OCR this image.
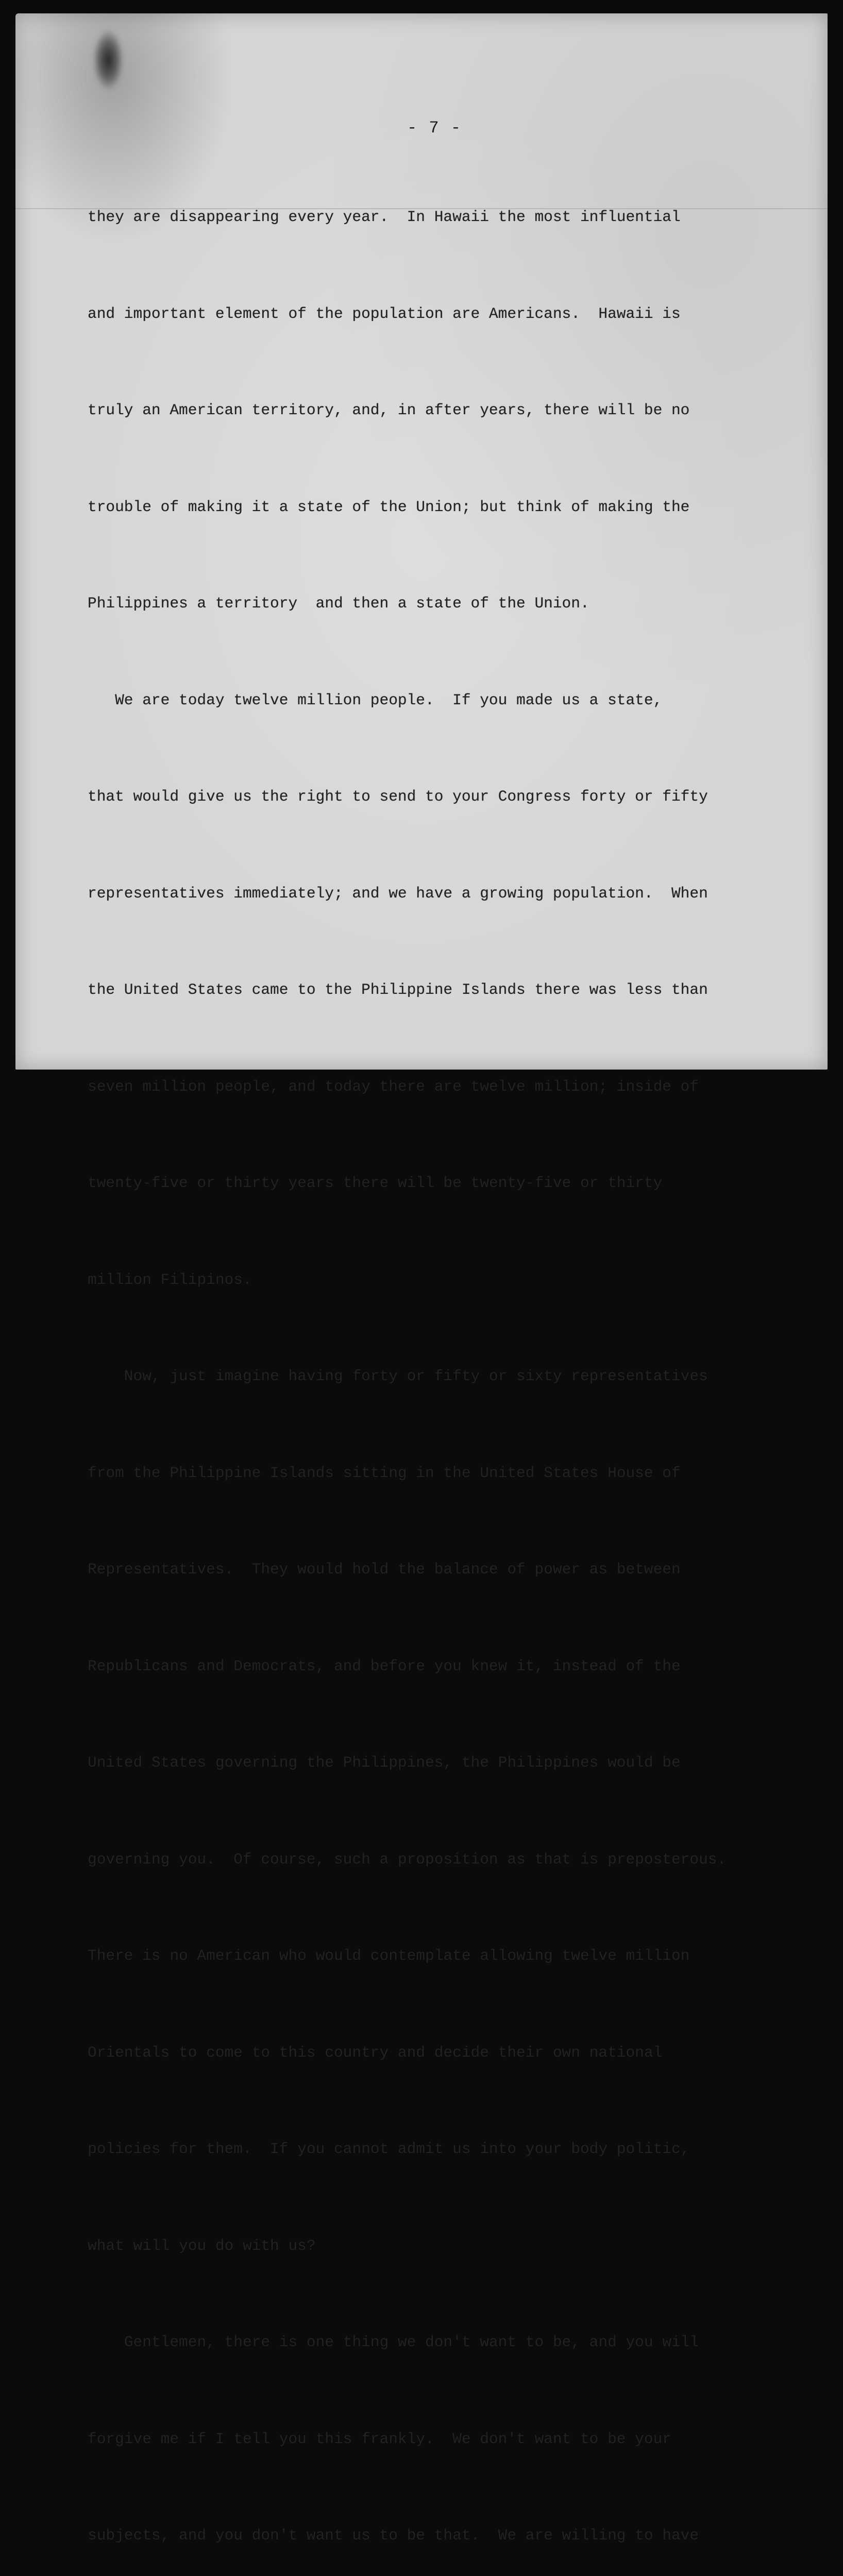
- 7 -

they are disappearing every year.  In Hawaii the most influential

and important element of the population are Americans.  Hawaii is

truly an American territory, and, in after years, there will be no

trouble of making it a state of the Union; but think of making the

Philippines a territory  and then a state of the Union.

We are today twelve million people.  If you made us a state,

that would give us the right to send to your Congress forty or fifty

representatives immediately; and we have a growing population.  When

the United States came to the Philippine Islands there was less than

seven million people, and today there are twelve million; inside of

twenty-five or thirty years there will be twenty-five or thirty

million Filipinos.

Now, just imagine having forty or fifty or sixty representatives

from the Philippine Islands sitting in the United States House of

Representatives.  They would hold the balance of power as between

Republicans and Democrats, and before you knew it, instead of the

United States governing the Philippines, the Philippines would be

governing you.  Of course, such a proposition as that is preposterous.

There is no American who would contemplate allowing twelve million

Orientals to come to this country and decide their own national

policies for them.  If you cannot admit us into your body politic,

what will you do with us?

Gentlemen, there is one thing we don't want to be, and you will

forgive me if I tell you this frankly.  We don't want to be your

subjects, and you don't want us to be that.  We are willing to have
